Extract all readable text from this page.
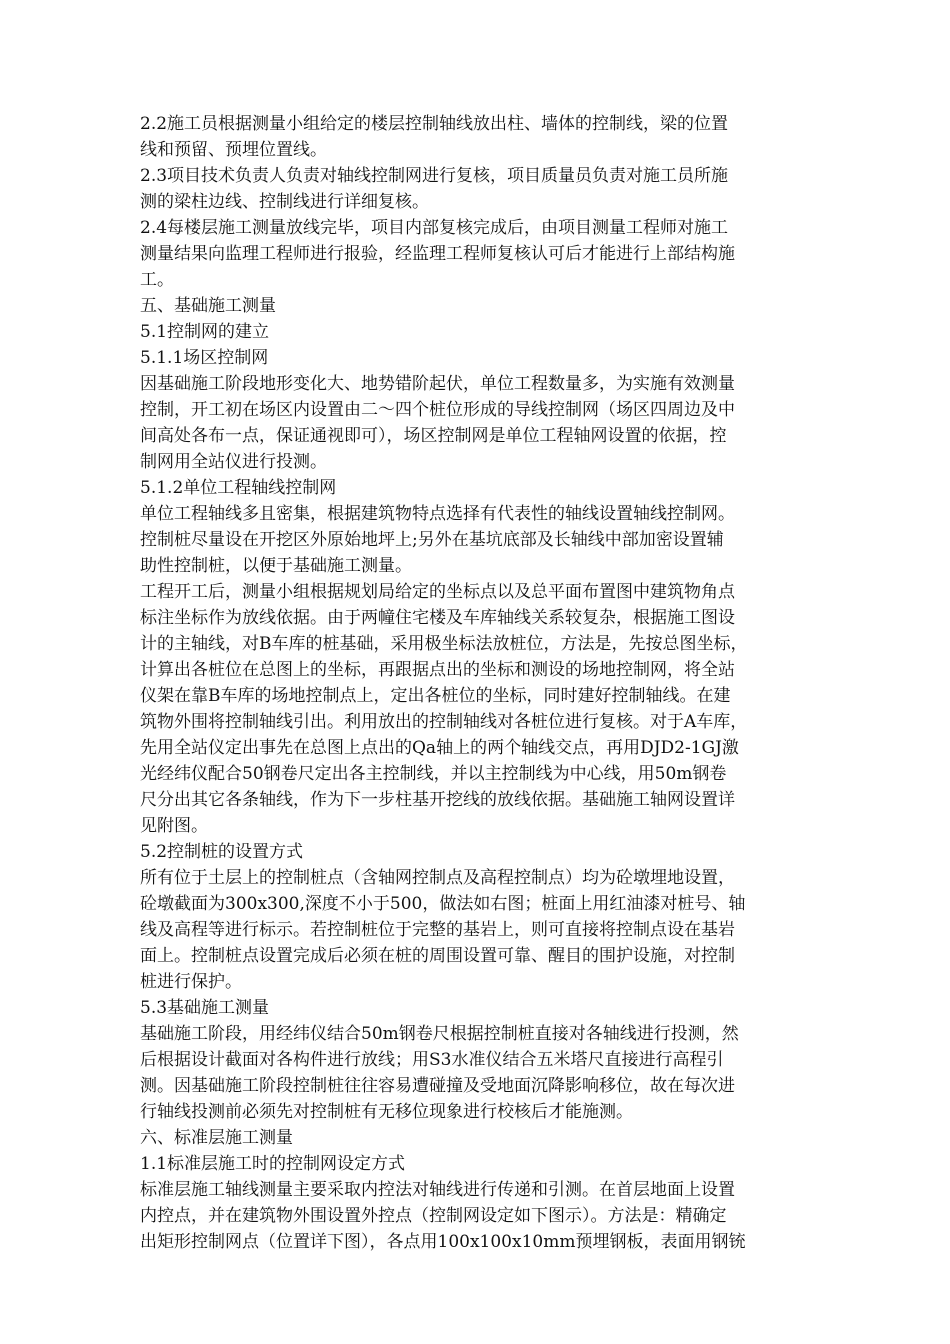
2.2施工员根据测量小组给定的楼层控制轴线放出柱、墙体的控制线，梁的位置
线和预留、预埋位置线。
2.3项目技术负责人负责对轴线控制网进行复核，项目质量员负责对施工员所施
测的梁柱边线、控制线进行详细复核。
2.4每楼层施工测量放线完毕，项目内部复核完成后，由项目测量工程师对施工
测量结果向监理工程师进行报验，经监理工程师复核认可后才能进行上部结构施
工。
五、基础施工测量
5.1控制网的建立
5.1.1场区控制网
因基础施工阶段地形变化大、地势错阶起伏，单位工程数量多，为实施有效测量
控制，开工初在场区内设置由二～四个桩位形成的导线控制网（场区四周边及中
间高处各布一点，保证通视即可），场区控制网是单位工程轴网设置的依据，控
制网用全站仪进行投测。
5.1.2单位工程轴线控制网
单位工程轴线多且密集，根据建筑物特点选择有代表性的轴线设置轴线控制网。
控制桩尽量设在开挖区外原始地坪上;另外在基坑底部及长轴线中部加密设置辅
助性控制桩，以便于基础施工测量。
工程开工后，测量小组根据规划局给定的坐标点以及总平面布置图中建筑物角点
标注坐标作为放线依据。由于两幢住宅楼及车库轴线关系较复杂，根据施工图设
计的主轴线，对B车库的桩基础，采用极坐标法放桩位，方法是，先按总图坐标，
计算出各桩位在总图上的坐标，再跟据点出的坐标和测设的场地控制网，将全站
仪架在靠B车库的场地控制点上，定出各桩位的坐标，同时建好控制轴线。在建
筑物外围将控制轴线引出。利用放出的控制轴线对各桩位进行复核。对于A车库，
先用全站仪定出事先在总图上点出的Qa轴上的两个轴线交点，再用DJD2-1GJ激
光经纬仪配合50钢卷尺定出各主控制线，并以主控制线为中心线，用50m钢卷
尺分出其它各条轴线，作为下一步柱基开挖线的放线依据。基础施工轴网设置详
见附图。
5.2控制桩的设置方式
所有位于土层上的控制桩点（含轴网控制点及高程控制点）均为砼墩埋地设置，
砼墩截面为300x300,深度不小于500，做法如右图；桩面上用红油漆对桩号、轴
线及高程等进行标示。若控制桩位于完整的基岩上，则可直接将控制点设在基岩
面上。控制桩点设置完成后必须在桩的周围设置可靠、醒目的围护设施，对控制
桩进行保护。
5.3基础施工测量
基础施工阶段，用经纬仪结合50m钢卷尺根据控制桩直接对各轴线进行投测，然
后根据设计截面对各构件进行放线；用S3水准仪结合五米塔尺直接进行高程引
测。因基础施工阶段控制桩往往容易遭碰撞及受地面沉降影响移位，故在每次进
行轴线投测前必须先对控制桩有无移位现象进行校核后才能施测。
六、标准层施工测量
1.1标准层施工时的控制网设定方式
标准层施工轴线测量主要采取内控法对轴线进行传递和引测。在首层地面上设置
内控点，并在建筑物外围设置外控点（控制网设定如下图示）。方法是：精确定
出矩形控制网点（位置详下图），各点用100x100x10mm预埋钢板，表面用钢铳
